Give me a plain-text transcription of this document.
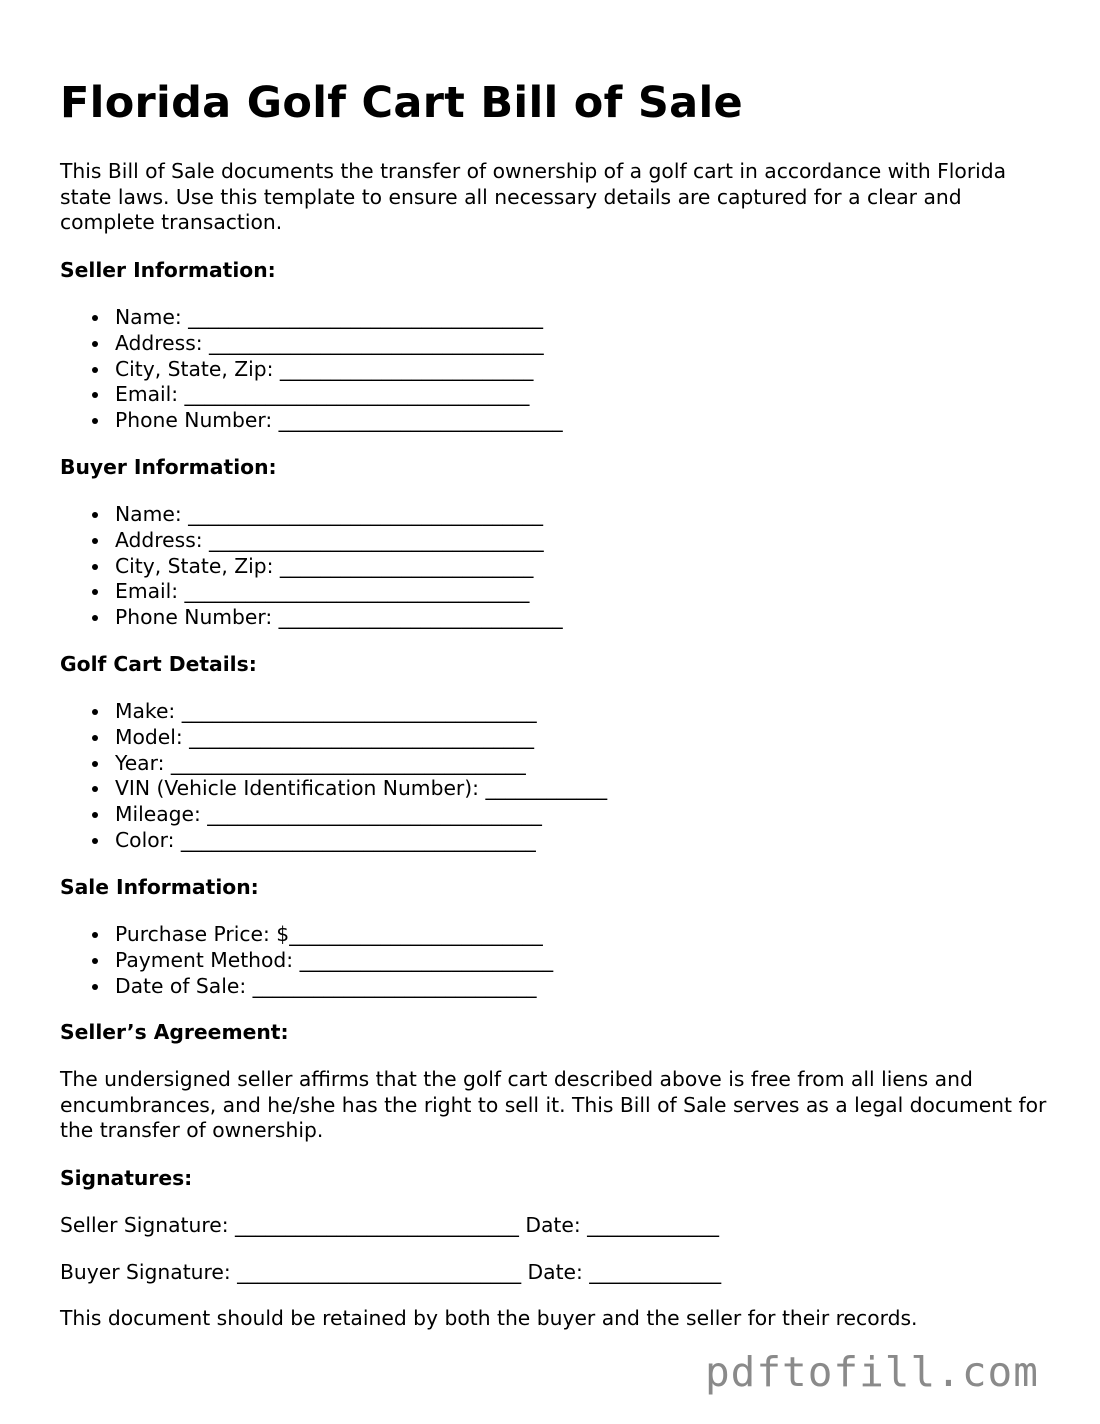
Florida Golf Cart Bill of Sale

This Bill of Sale documents the transfer of ownership of a golf cart in accordance with Florida state laws. Use this template to ensure all necessary details are captured for a clear and complete transaction.

Seller Information:

Name: ___________________________________
Address: _________________________________
City, State, Zip: _________________________
Email: __________________________________
Phone Number: ____________________________

Buyer Information:

Name: ___________________________________
Address: _________________________________
City, State, Zip: _________________________
Email: __________________________________
Phone Number: ____________________________

Golf Cart Details:

Make: ___________________________________
Model: __________________________________
Year: ___________________________________
VIN (Vehicle Identification Number): ____________
Mileage: _________________________________
Color: ___________________________________

Sale Information:

Purchase Price: $_________________________
Payment Method: _________________________
Date of Sale: ____________________________

Seller’s Agreement:

The undersigned seller affirms that the golf cart described above is free from all liens and encumbrances, and he/she has the right to sell it. This Bill of Sale serves as a legal document for the transfer of ownership.

Signatures:

Seller Signature: ____________________________ Date: _____________

Buyer Signature: ____________________________ Date: _____________

This document should be retained by both the buyer and the seller for their records.

pdftofill.com
